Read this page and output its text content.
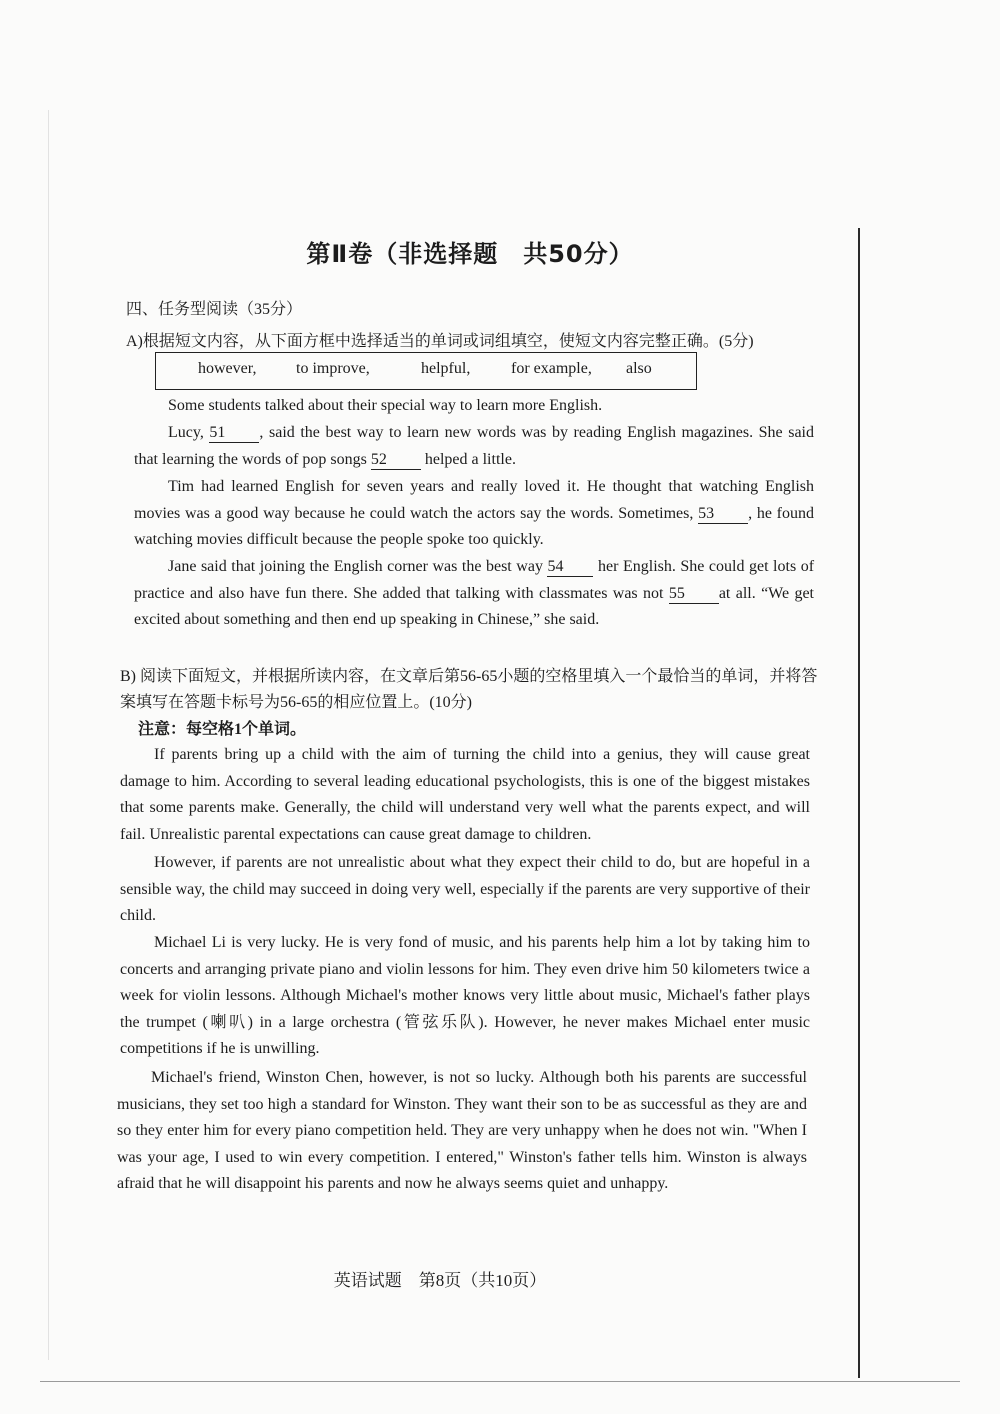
第Ⅱ卷（非选择题　共50分）
四、任务型阅读（35分）
A)根据短文内容，从下面方框中选择适当的单词或词组填空，使短文内容完整正确。(5分)
however, to improve,	helpful,	for example, also

Some students talked about their special way to learn more English.

Lucy, 51 , said the best way to learn new words was by reading English magazines. She said that learning the words of pop songs 52 helped a little.

Tim had learned English for seven years and really loved it. He thought that watching English movies was a good way because he could watch the actors say the words. Sometimes, 53 , he found watching movies difficult because the people spoke too quickly.

Jane said that joining the English corner was the best way 54 her English. She could get lots of practice and also have fun there. She added that talking with classmates was not 55 at all. “We get excited about something and then end up speaking in Chinese,” she said.

B) 阅读下面短文，并根据所读内容，在文章后第56-65小题的空格里填入一个最恰当的单词，并将答案填写在答题卡标号为56-65的相应位置上。(10分)
注意：每空格1个单词。

If parents bring up a child with the aim of turning the child into a genius, they will cause great damage to him. According to several leading educational psychologists, this is one of the biggest mistakes that some parents make. Generally, the child will understand very well what the parents expect, and will fail. Unrealistic parental expectations can cause great damage to children.

However, if parents are not unrealistic about what they expect their child to do, but are hopeful in a sensible way, the child may succeed in doing very well, especially if the parents are very supportive of their child.

Michael Li is very lucky. He is very fond of music, and his parents help him a lot by taking him to concerts and arranging private piano and violin lessons for him. They even drive him 50 kilometers twice a week for violin lessons. Although Michael's mother knows very little about music, Michael's father plays the trumpet (喇叭) in a large orchestra (管弦乐队). However, he never makes Michael enter music competitions if he is unwilling.

Michael's friend, Winston Chen, however, is not so lucky. Although both his parents are successful musicians, they set too high a standard for Winston. They want their son to be as successful as they are and so they enter him for every piano competition held. They are very unhappy when he does not win. "When I was your age, I used to win every competition. I entered," Winston's father tells him. Winston is always afraid that he will disappoint his parents and now he always seems quiet and unhappy.

英语试题　第8页（共10页）
